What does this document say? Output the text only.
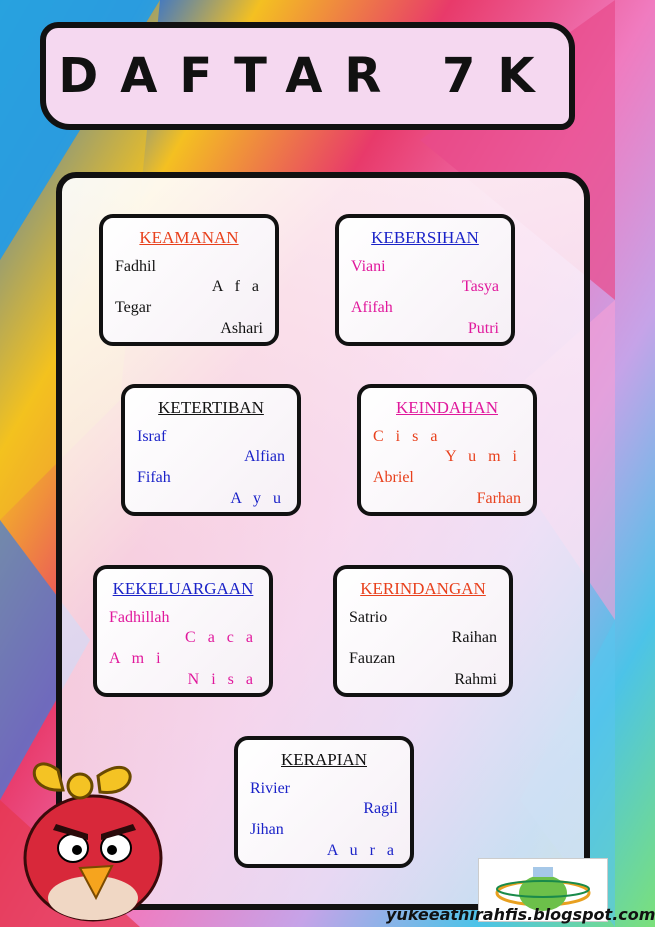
DAFTAR 7K
KEAMANAN
Fadhil
A f a
Tegar
Ashari
KEBERSIHAN
Viani
Tasya
Afifah
Putri
KETERTIBAN
Israf
Alfian
Fifah
A y u
KEINDAHAN
C i s a
Y u m i
Abriel
Farhan
KEKELUARGAAN
Fadhillah
C a c a
A m i
N i s a
KERINDANGAN
Satrio
Raihan
Fauzan
Rahmi
KERAPIAN
Rivier
Ragil
Jihan
A u r a
yukeeathirahfis.blogspot.com
